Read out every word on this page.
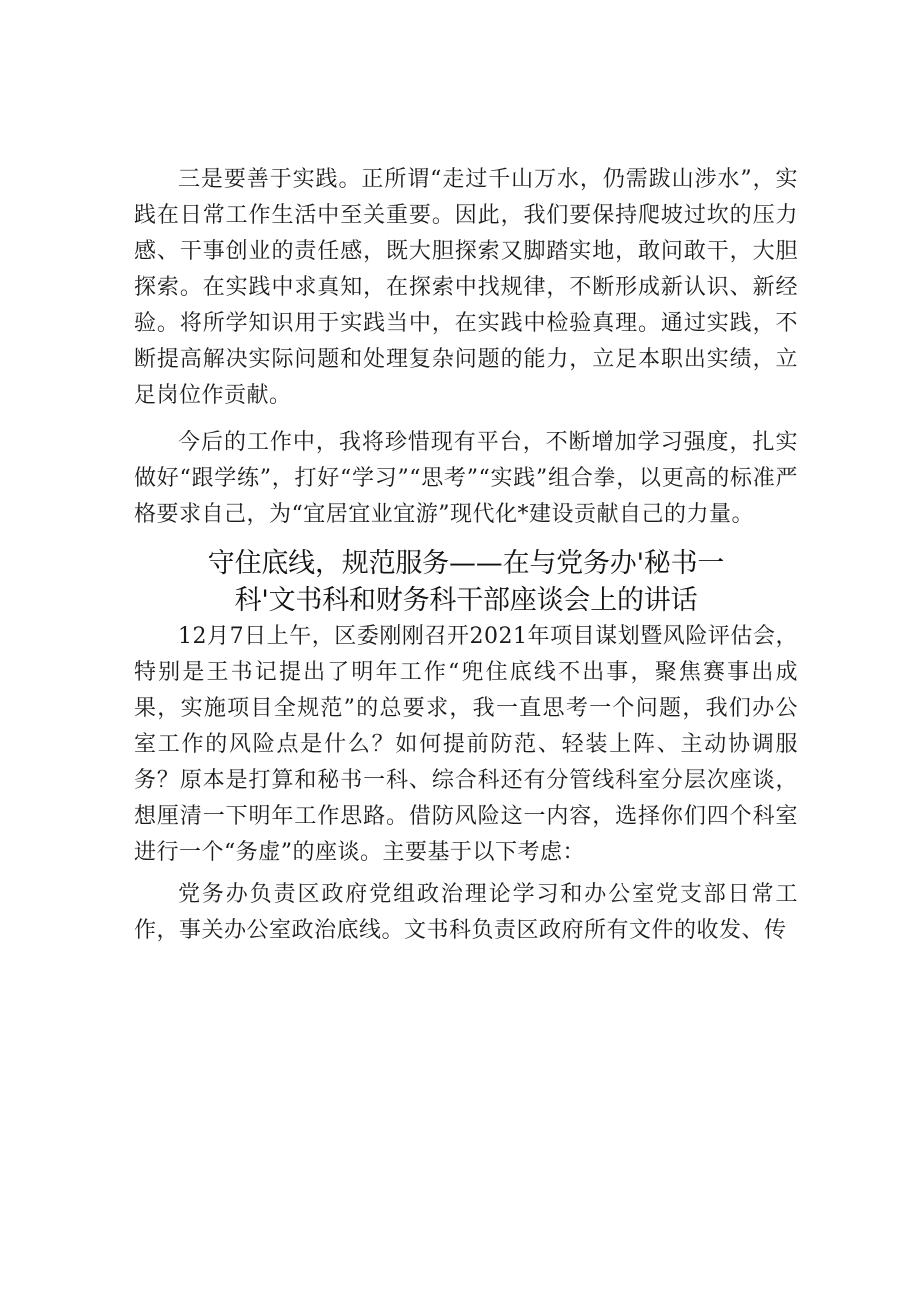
三是要善于实践。正所谓“走过千山万水，仍需跋山涉水”，实践在日常工作生活中至关重要。因此，我们要保持爬坡过坎的压力感、干事创业的责任感，既大胆探索又脚踏实地，敢问敢干，大胆探索。在实践中求真知，在探索中找规律，不断形成新认识、新经验。将所学知识用于实践当中，在实践中检验真理。通过实践，不断提高解决实际问题和处理复杂问题的能力，立足本职出实绩，立足岗位作贡献。

今后的工作中，我将珍惜现有平台，不断增加学习强度，扎实做好“跟学练”，打好“学习”“思考”“实践”组合拳，以更高的标准严格要求自己，为“宜居宜业宜游”现代化*建设贡献自己的力量。

守住底线，规范服务——在与党务办'秘书一
科'文书科和财务科干部座谈会上的讲话

12月7日上午，区委刚刚召开2021年项目谋划暨风险评估会，特别是王书记提出了明年工作“兜住底线不出事，聚焦赛事出成果，实施项目全规范”的总要求，我一直思考一个问题，我们办公室工作的风险点是什么？如何提前防范、轻装上阵、主动协调服务？原本是打算和秘书一科、综合科还有分管线科室分层次座谈，想厘清一下明年工作思路。借防风险这一内容，选择你们四个科室进行一个“务虚”的座谈。主要基于以下考虑：

党务办负责区政府党组政治理论学习和办公室党支部日常工作，事关办公室政治底线。文书科负责区政府所有文件的收发、传
